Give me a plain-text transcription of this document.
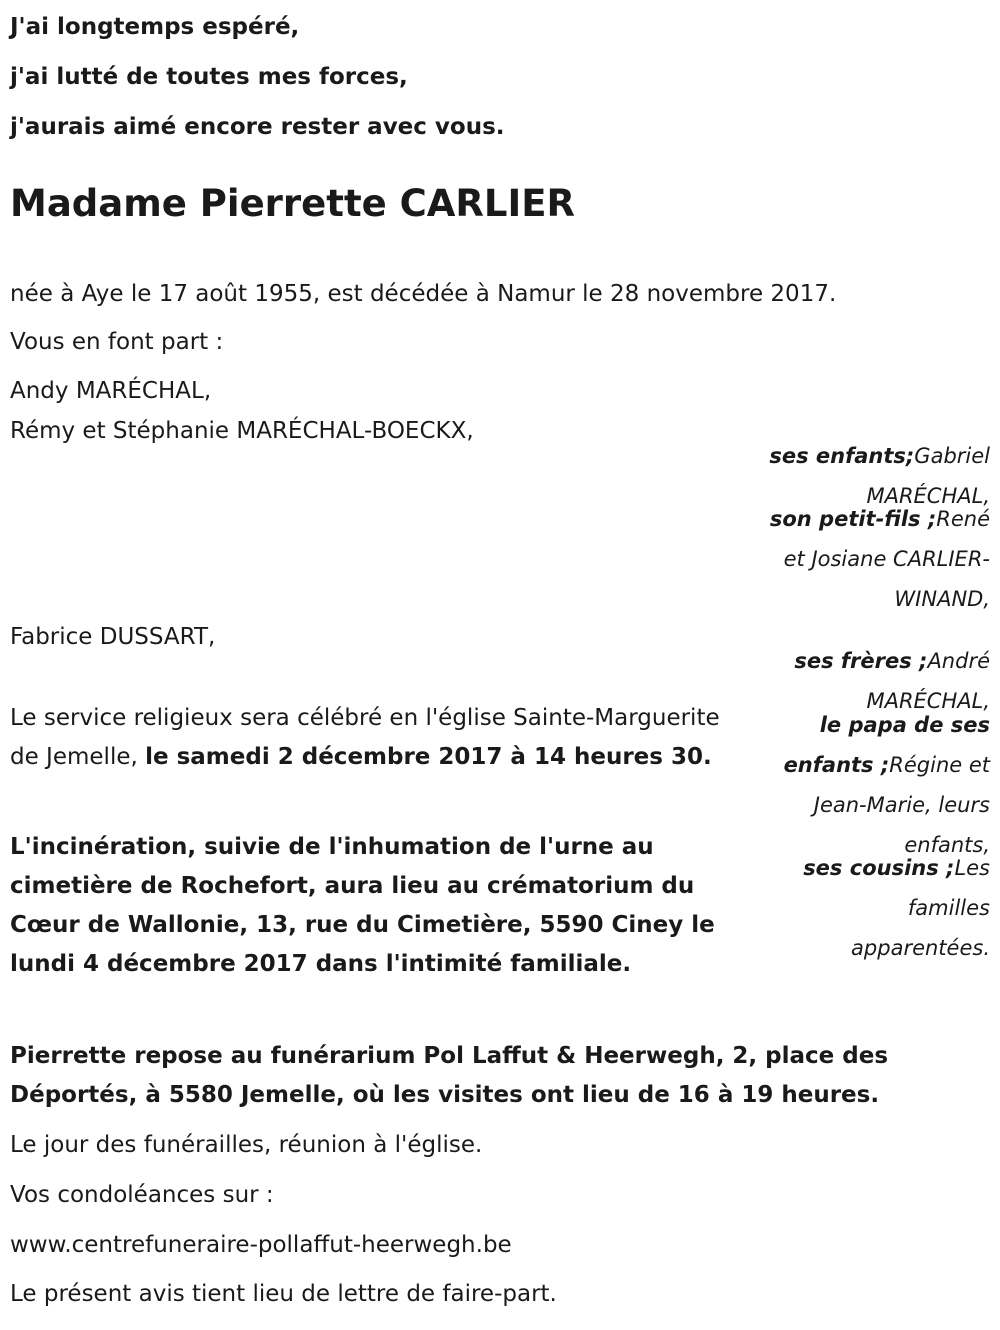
J'ai longtemps espéré,

j'ai lutté de toutes mes forces,

j'aurais aimé encore rester avec vous.

Madame Pierrette CARLIER

née à Aye le 17 août 1955, est décédée à Namur le 28 novembre 2017.

Vous en font part :

Andy MARÉCHAL,

Rémy et Stéphanie MARÉCHAL-BOECKX,

Fabrice DUSSART,

ses enfants;Gabriel
MARÉCHAL,
son petit-fils ;René
et Josiane CARLIER-
WINAND,
ses frères ;André
MARÉCHAL,
le papa de ses
enfants ;Régine et
Jean-Marie, leurs
enfants,
ses cousins ;Les
familles
apparentées.

Le service religieux sera célébré en l'église Sainte-Marguerite de Jemelle, le samedi 2 décembre 2017 à 14 heures 30.

L'incinération, suivie de l'inhumation de l'urne au cimetière de Rochefort, aura lieu au crématorium du Cœur de Wallonie, 13, rue du Cimetière, 5590 Ciney le lundi 4 décembre 2017 dans l'intimité familiale.

Pierrette repose au funérarium Pol Laffut & Heerwegh, 2, place des Déportés, à 5580 Jemelle, où les visites ont lieu de 16 à 19 heures.

Le jour des funérailles, réunion à l'église.

Vos condoléances sur :

www.centrefuneraire-pollaffut-heerwegh.be

Le présent avis tient lieu de lettre de faire-part.
